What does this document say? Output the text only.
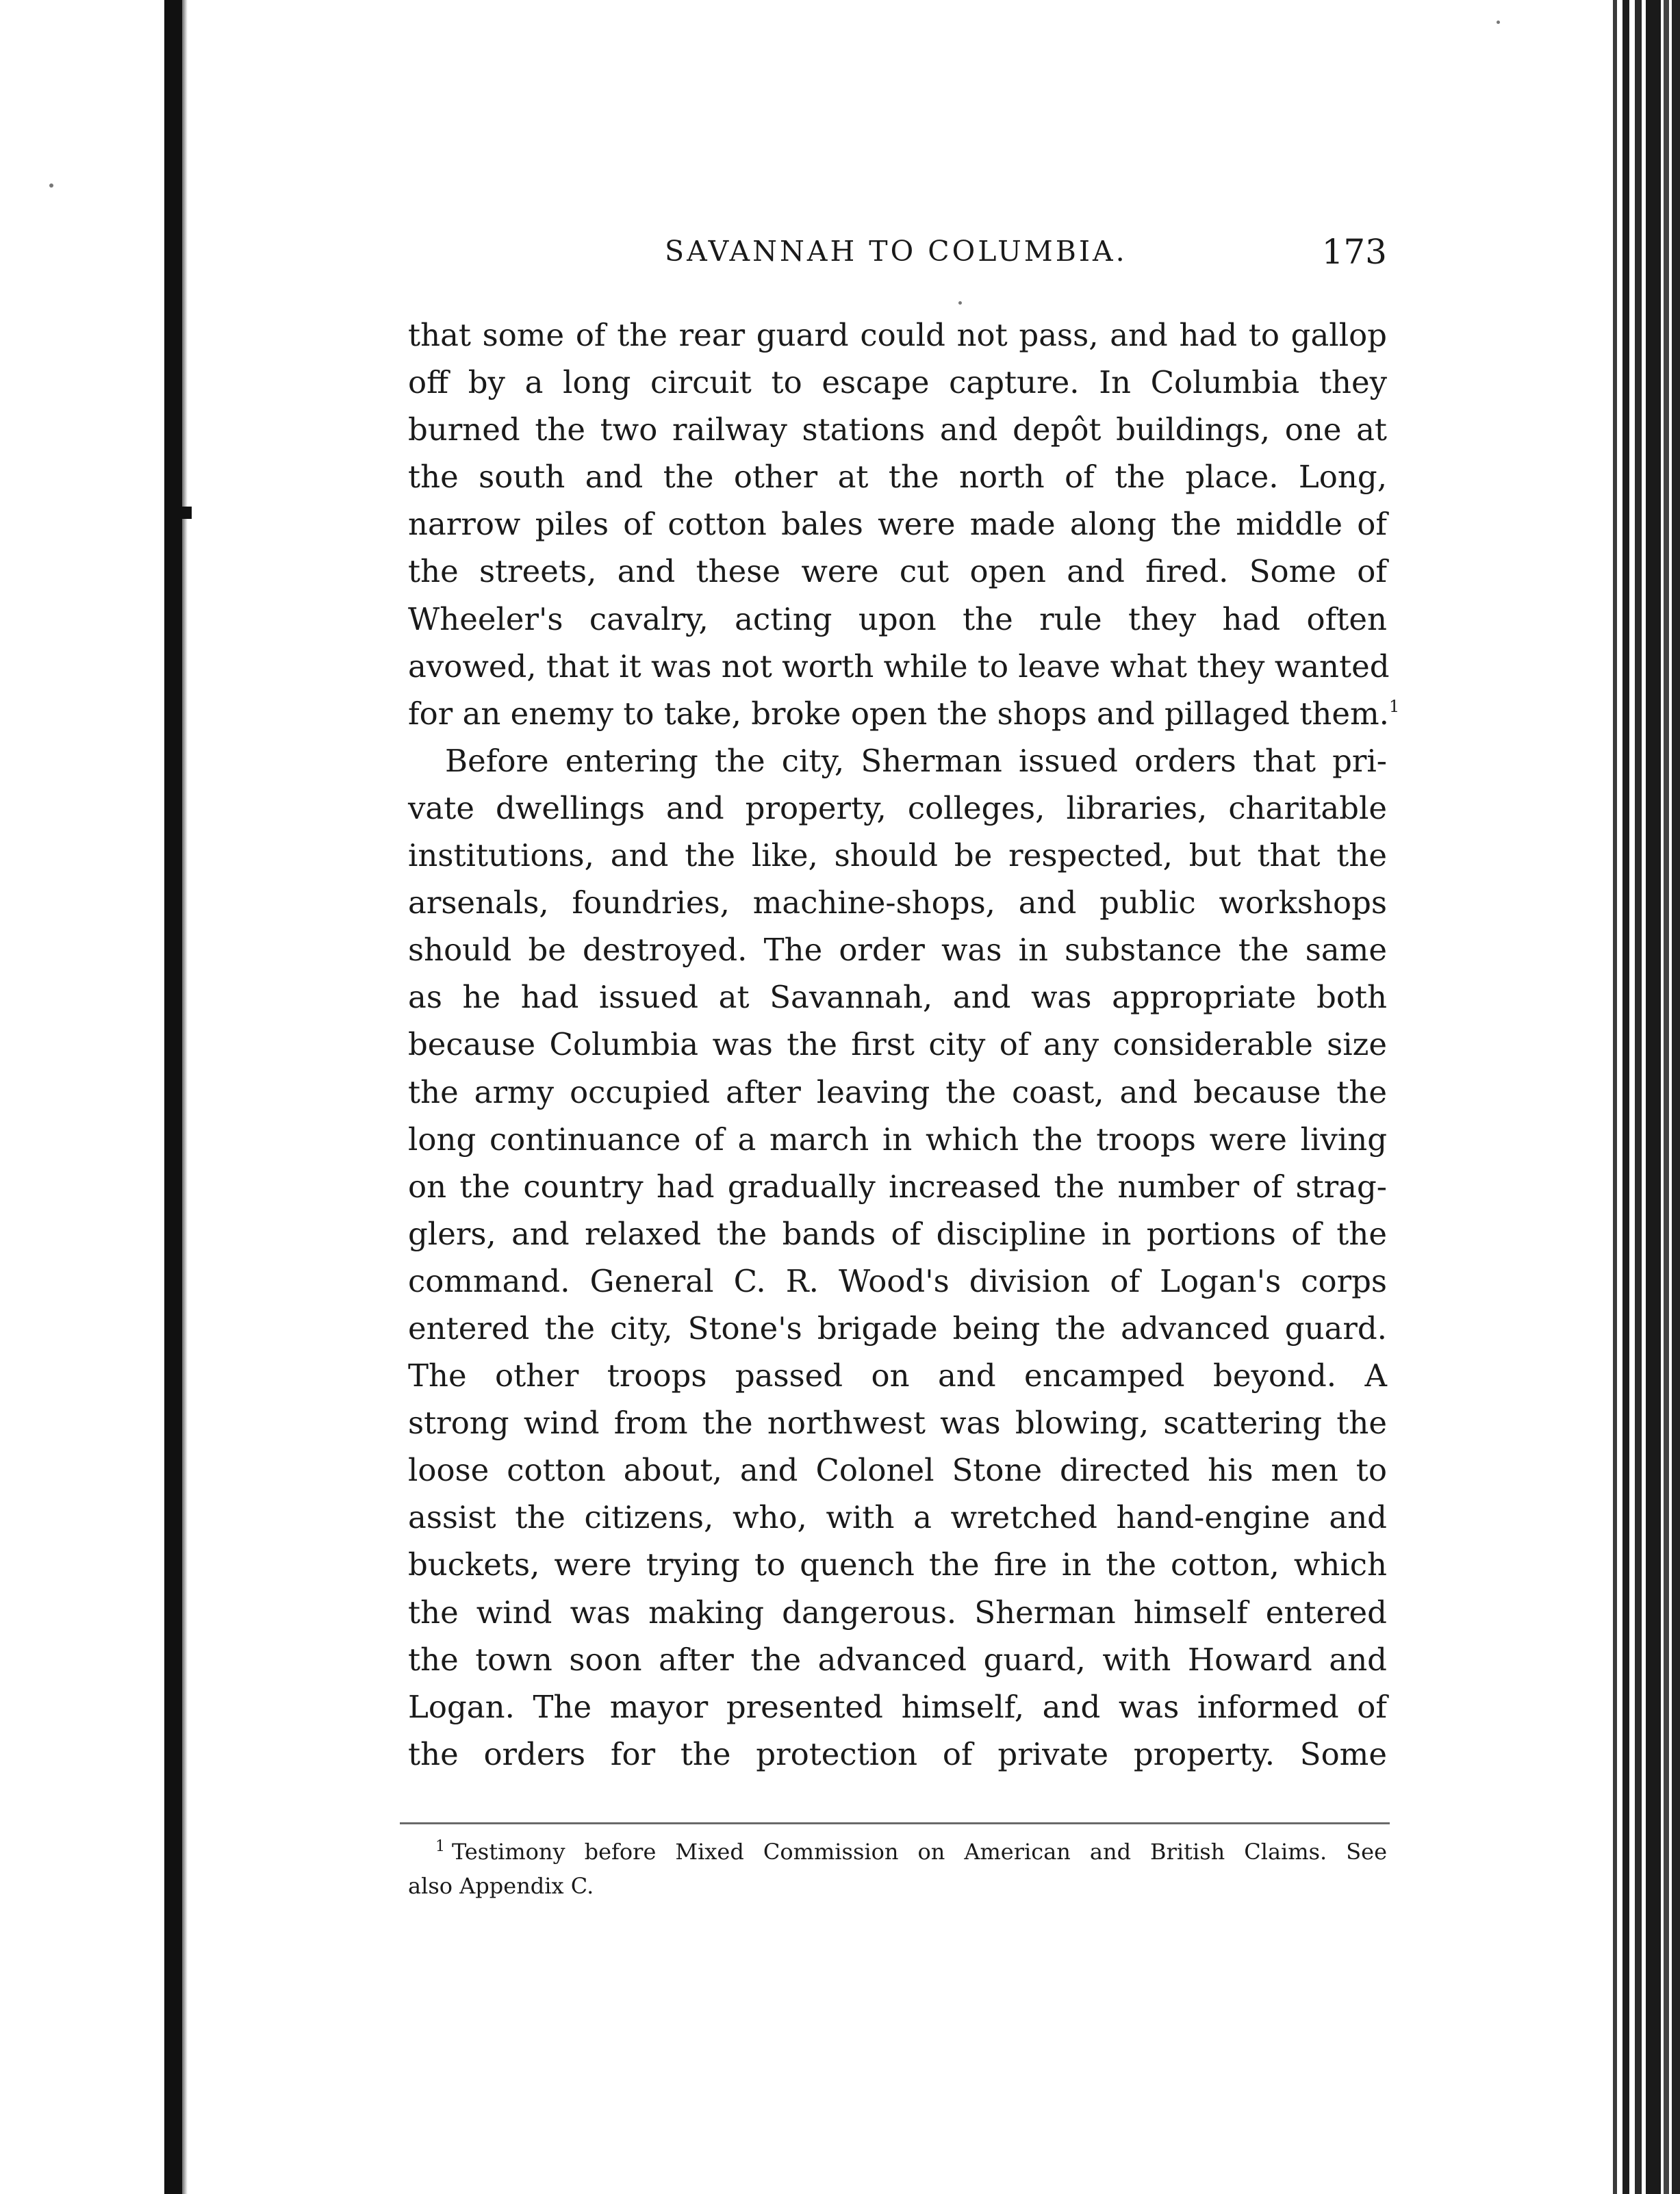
SAVANNAH TO COLUMBIA.	173
that some of the rear guard could not pass, and had to gallop
off by a long circuit to escape capture. In Columbia they
burned the two railway stations and depôt buildings, one at
the south and the other at the north of the place. Long,
narrow piles of cotton bales were made along the middle of
the streets, and these were cut open and fired. Some of
Wheeler's cavalry, acting upon the rule they had often
avowed, that it was not worth while to leave what they wanted
for an enemy to take, broke open the shops and pillaged them.$^1$
Before entering the city, Sherman issued orders that pri-
vate dwellings and property, colleges, libraries, charitable
institutions, and the like, should be respected, but that the
arsenals, foundries, machine-shops, and public workshops
should be destroyed. The order was in substance the same
as he had issued at Savannah, and was appropriate both
because Columbia was the first city of any considerable size
the army occupied after leaving the coast, and because the
long continuance of a march in which the troops were living
on the country had gradually increased the number of strag-
glers, and relaxed the bands of discipline in portions of the
command. General C. R. Wood's division of Logan's corps
entered the city, Stone's brigade being the advanced guard.
The other troops passed on and encamped beyond. A
strong wind from the northwest was blowing, scattering the
loose cotton about, and Colonel Stone directed his men to
assist the citizens, who, with a wretched hand-engine and
buckets, were trying to quench the fire in the cotton, which
the wind was making dangerous. Sherman himself entered
the town soon after the advanced guard, with Howard and
Logan. The mayor presented himself, and was informed of
the orders for the protection of private property. Some
$^1$ Testimony before Mixed Commission on American and British Claims. See
also Appendix C.
